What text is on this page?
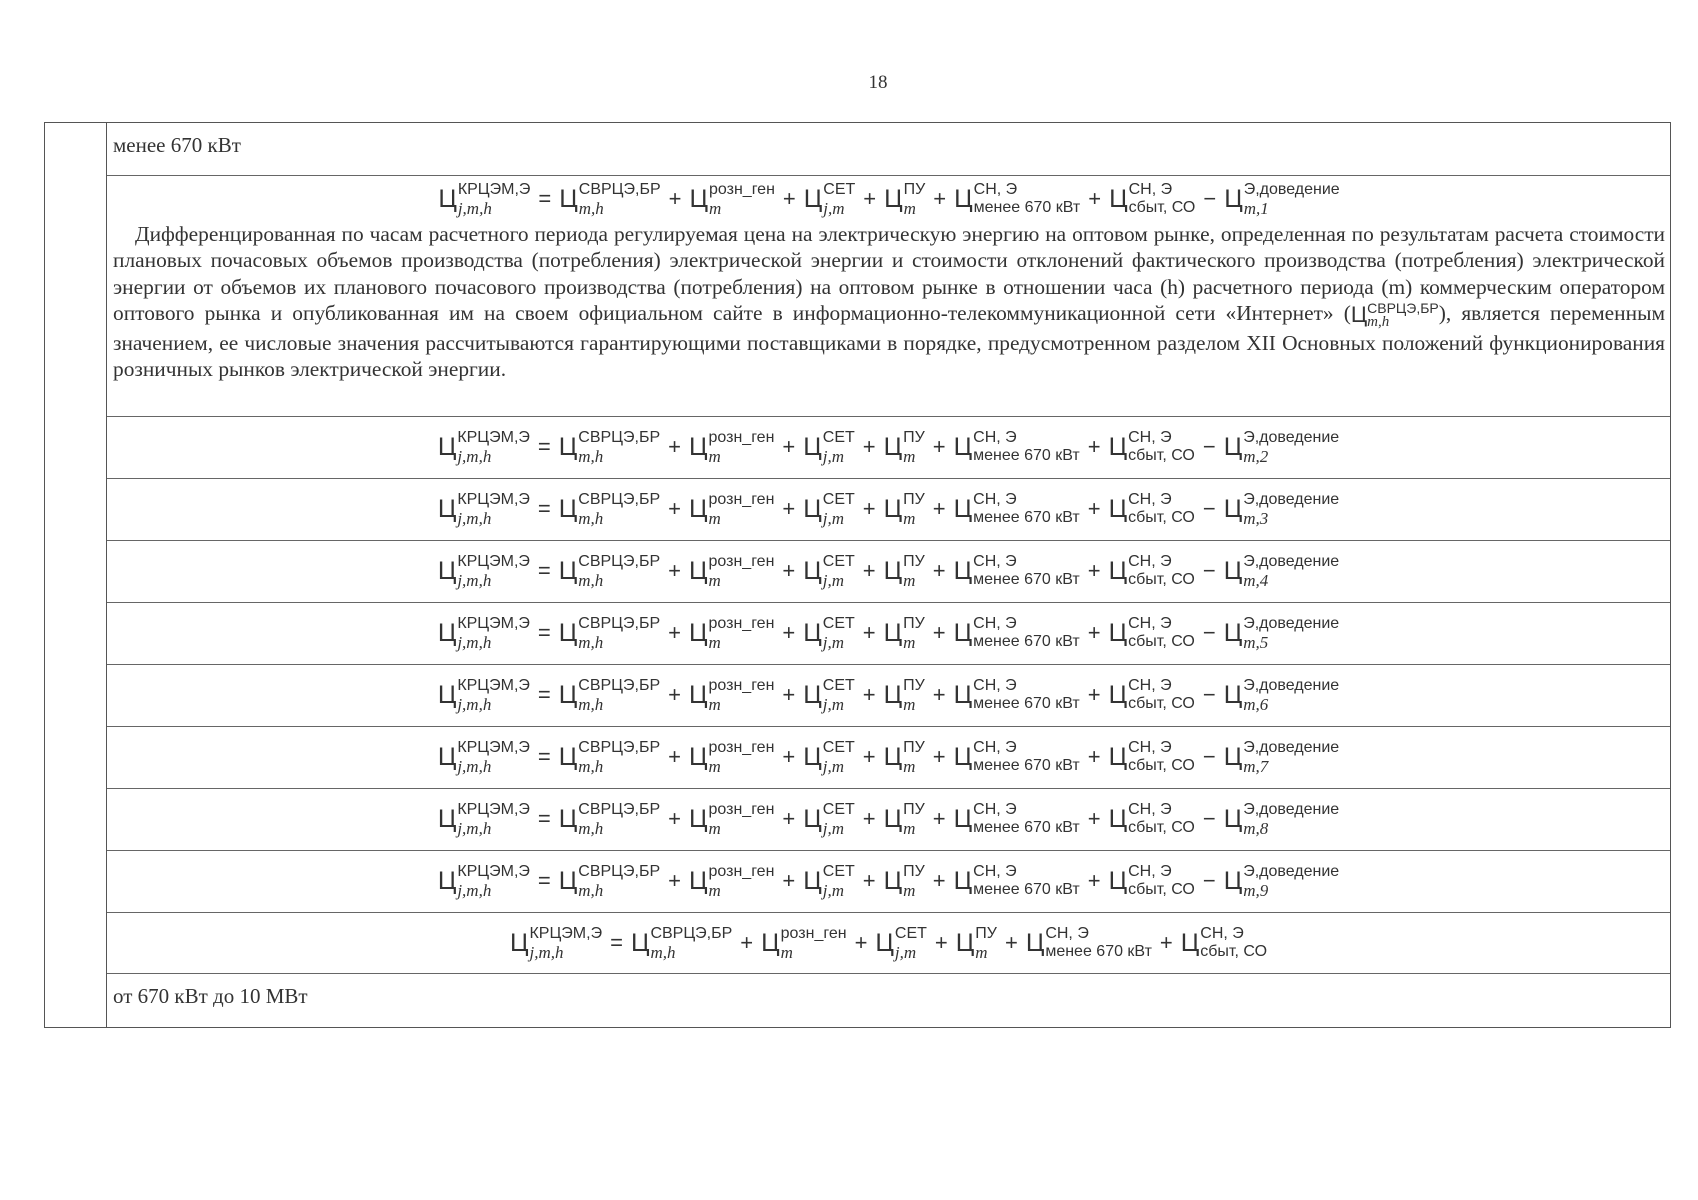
18
менее 670 кВт
Ц КРЦЭМ,Э
j,m,h	= Ц СВРЦЭ,БР
m,h	+ Ц розн_ген
m	+ Ц СЕТ
j,m + Ц ПУ
m + Ц СН, Э
менее 670 кВт + Ц СН, Э
сбыт, СО − Ц Э,доведение
m,1
Дифференцированная по часам расчетного периода регулируемая цена на электрическую энергию на оптовом рынке, определенная по результатам расчета стоимости плановых почасовых объемов производства (потребления) электрической энергии и стоимости отклонений фактического производства (потребления) электрической энергии от объемов их планового почасового производства (потребления) на оптовом рынке в отношении часа (h) расчетного периода (m) коммерческим оператором оптового рынка и опубликованная им на своем официальном сайте в информационно-телекоммуникационной сети «Интернет» ( Ц СВРЦЭ,БР
m,h	), является переменным значением, ее числовые значения рассчитываются гарантирующими поставщиками в порядке, предусмотренном разделом XII Основных положений функционирования розничных рынков электрической энергии.
Ц КРЦЭМ,Э
j,m,h	= Ц СВРЦЭ,БР
m,h	+ Ц розн_ген
m	+ Ц СЕТ
j,m + Ц ПУ
m + Ц СН, Э
менее 670 кВт + Ц СН, Э
сбыт, СО − Ц Э,доведение
m,2
Ц КРЦЭМ,Э
j,m,h	= Ц СВРЦЭ,БР
m,h	+ Ц розн_ген
m	+ Ц СЕТ
j,m + Ц ПУ
m + Ц СН, Э
менее 670 кВт + Ц СН, Э
сбыт, СО − Ц Э,доведение
m,3
Ц КРЦЭМ,Э
j,m,h	= Ц СВРЦЭ,БР
m,h	+ Ц розн_ген
m	+ Ц СЕТ
j,m + Ц ПУ
m + Ц СН, Э
менее 670 кВт + Ц СН, Э
сбыт, СО − Ц Э,доведение
m,4
Ц КРЦЭМ,Э
j,m,h	= Ц СВРЦЭ,БР
m,h	+ Ц розн_ген
m	+ Ц СЕТ
j,m + Ц ПУ
m + Ц СН, Э
менее 670 кВт + Ц СН, Э
сбыт, СО − Ц Э,доведение
m,5
Ц КРЦЭМ,Э
j,m,h	= Ц СВРЦЭ,БР
m,h	+ Ц розн_ген
m	+ Ц СЕТ
j,m + Ц ПУ
m + Ц СН, Э
менее 670 кВт + Ц СН, Э
сбыт, СО − Ц Э,доведение
m,6
Ц КРЦЭМ,Э
j,m,h	= Ц СВРЦЭ,БР
m,h	+ Ц розн_ген
m	+ Ц СЕТ
j,m + Ц ПУ
m + Ц СН, Э
менее 670 кВт + Ц СН, Э
сбыт, СО − Ц Э,доведение
m,7
Ц КРЦЭМ,Э
j,m,h	= Ц СВРЦЭ,БР
m,h	+ Ц розн_ген
m	+ Ц СЕТ
j,m + Ц ПУ
m + Ц СН, Э
менее 670 кВт + Ц СН, Э
сбыт, СО − Ц Э,доведение
m,8
Ц КРЦЭМ,Э
j,m,h	= Ц СВРЦЭ,БР
m,h	+ Ц розн_ген
m	+ Ц СЕТ
j,m + Ц ПУ
m + Ц СН, Э
менее 670 кВт + Ц СН, Э
сбыт, СО − Ц Э,доведение
m,9
Ц КРЦЭМ,Э
j,m,h	= Ц СВРЦЭ,БР
m,h	+ Ц розн_ген
m	+ Ц СЕТ
j,m + Ц ПУ
m + Ц СН, Э
менее 670 кВт + Ц СН, Э
сбыт, СО
от 670 кВт до 10 МВт
